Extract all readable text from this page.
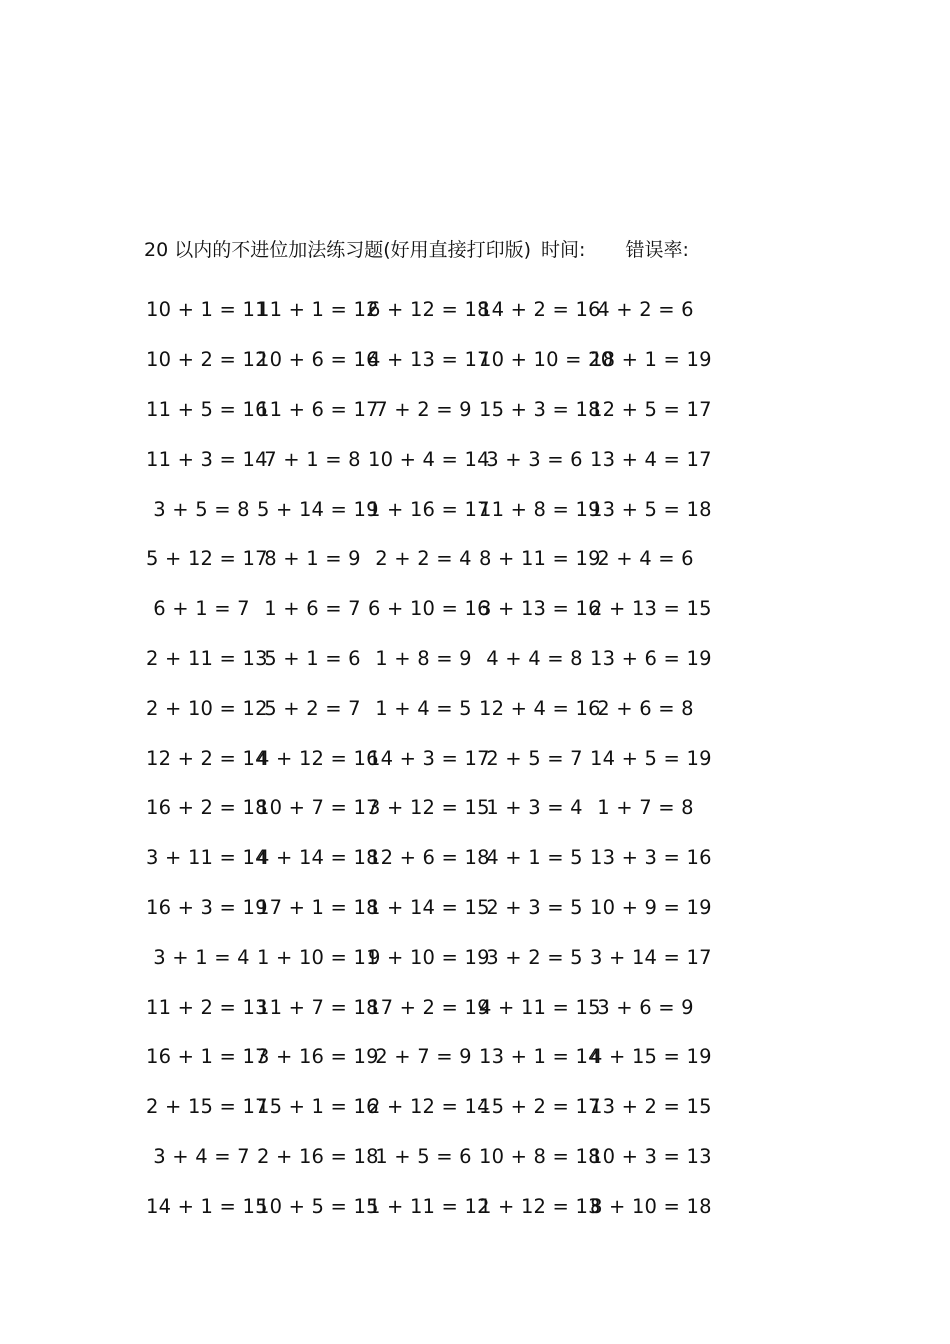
20 以内的不进位加法练习题(好用直接打印版) 时间: 错误率:
10 + 1 = 11
11 + 1 = 12
6 + 12 = 18
14 + 2 = 16
4 + 2 = 6
10 + 2 = 12
10 + 6 = 16
4 + 13 = 17
10 + 10 = 20
18 + 1 = 19
11 + 5 = 16
11 + 6 = 17
7 + 2 = 9 15 + 3 = 18
12 + 5 = 17
11 + 3 = 14
7 + 1 = 8 10 + 4 = 14
3 + 3 = 6 13 + 4 = 17
3 + 5 = 8 5 + 14 = 19
1 + 16 = 17
11 + 8 = 19
13 + 5 = 18
5 + 12 = 17
8 + 1 = 9 2 + 2 = 4 8 + 11 = 19
2 + 4 = 6
6 + 1 = 7 1 + 6 = 7 6 + 10 = 16
3 + 13 = 16
2 + 13 = 15
2 + 11 = 13
5 + 1 = 6 1 + 8 = 9 4 + 4 = 8 13 + 6 = 19
2 + 10 = 12
5 + 2 = 7 1 + 4 = 5 12 + 4 = 16
2 + 6 = 8
12 + 2 = 14
4 + 12 = 16
14 + 3 = 17
2 + 5 = 7 14 + 5 = 19
16 + 2 = 18
10 + 7 = 17
3 + 12 = 15
1 + 3 = 4 1 + 7 = 8
3 + 11 = 14
4 + 14 = 18
12 + 6 = 18
4 + 1 = 5 13 + 3 = 16
16 + 3 = 19
17 + 1 = 18
1 + 14 = 15
2 + 3 = 5 10 + 9 = 19
3 + 1 = 4 1 + 10 = 11
9 + 10 = 19
3 + 2 = 5 3 + 14 = 17
11 + 2 = 13
11 + 7 = 18
17 + 2 = 19
4 + 11 = 15
3 + 6 = 9
16 + 1 = 17
3 + 16 = 19
2 + 7 = 9 13 + 1 = 14
4 + 15 = 19
2 + 15 = 17
15 + 1 = 16
2 + 12 = 14
15 + 2 = 17
13 + 2 = 15
3 + 4 = 7 2 + 16 = 18
1 + 5 = 6 10 + 8 = 18
10 + 3 = 13
14 + 1 = 15
10 + 5 = 15
1 + 11 = 12
1 + 12 = 13
8 + 10 = 18
